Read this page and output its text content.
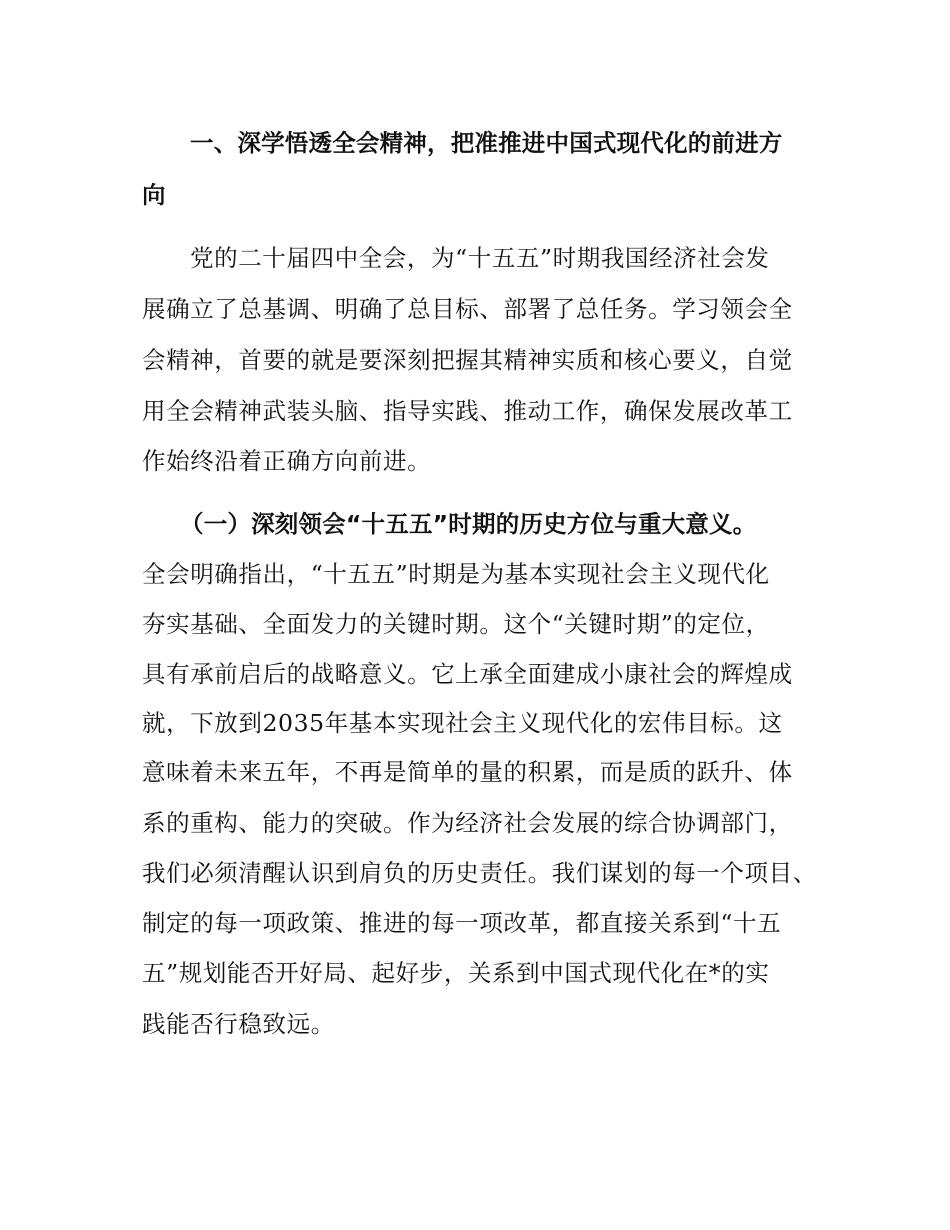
一、深学悟透全会精神，把准推进中国式现代化的前进方
向
党的二十届四中全会，为“十五五”时期我国经济社会发
展确立了总基调、明确了总目标、部署了总任务。学习领会全
会精神，首要的就是要深刻把握其精神实质和核心要义，自觉
用全会精神武装头脑、指导实践、推动工作，确保发展改革工
作始终沿着正确方向前进。
（一）深刻领会“十五五”时期的历史方位与重大意义。
全会明确指出，“十五五”时期是为基本实现社会主义现代化
夯实基础、全面发力的关键时期。这个“关键时期”的定位，
具有承前启后的战略意义。它上承全面建成小康社会的辉煌成
就，下放到2035年基本实现社会主义现代化的宏伟目标。这
意味着未来五年，不再是简单的量的积累，而是质的跃升、体
系的重构、能力的突破。作为经济社会发展的综合协调部门，
我们必须清醒认识到肩负的历史责任。我们谋划的每一个项目、
制定的每一项政策、推进的每一项改革，都直接关系到“十五
五”规划能否开好局、起好步，关系到中国式现代化在*的实
践能否行稳致远。
